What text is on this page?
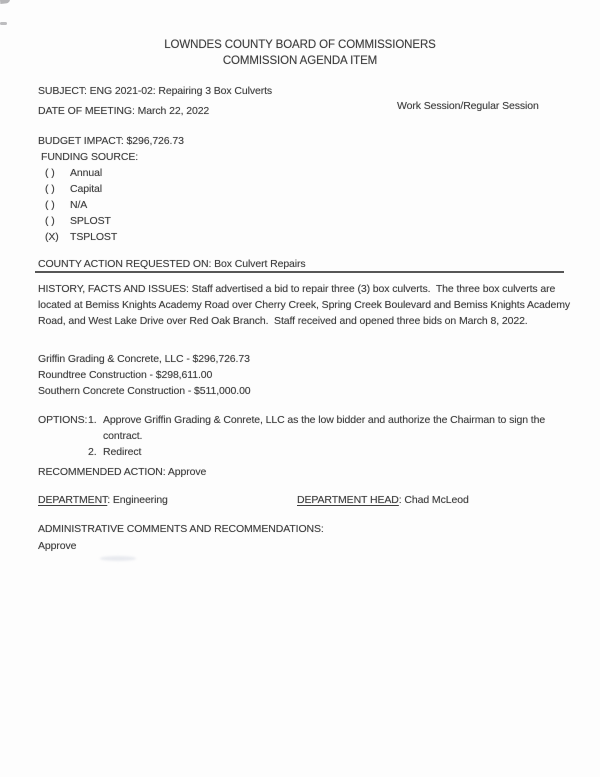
LOWNDES COUNTY BOARD OF COMMISSIONERS
COMMISSION AGENDA ITEM
SUBJECT: ENG 2021-02: Repairing 3 Box Culverts
DATE OF MEETING: March 22, 2022	Work Session/Regular Session
BUDGET IMPACT: $296,726.73
FUNDING SOURCE:
( )	Annual
( )	Capital
( )	N/A
( )	SPLOST
(X)	TSPLOST
COUNTY ACTION REQUESTED ON: Box Culvert Repairs
HISTORY, FACTS AND ISSUES: Staff advertised a bid to repair three (3) box culverts.  The three box culverts are located at Bemiss Knights Academy Road over Cherry Creek, Spring Creek Boulevard and Bemiss Knights Academy Road, and West Lake Drive over Red Oak Branch.  Staff received and opened three bids on March 8, 2022.
Griffin Grading & Concrete, LLC - $296,726.73
Roundtree Construction - $298,611.00
Southern Concrete Construction - $511,000.00
OPTIONS: 1. Approve Griffin Grading & Conrete, LLC as the low bidder and authorize the Chairman to sign the contract.
2. Redirect
RECOMMENDED ACTION: Approve
DEPARTMENT: Engineering	DEPARTMENT HEAD: Chad McLeod
ADMINISTRATIVE COMMENTS AND RECOMMENDATIONS:
Approve
